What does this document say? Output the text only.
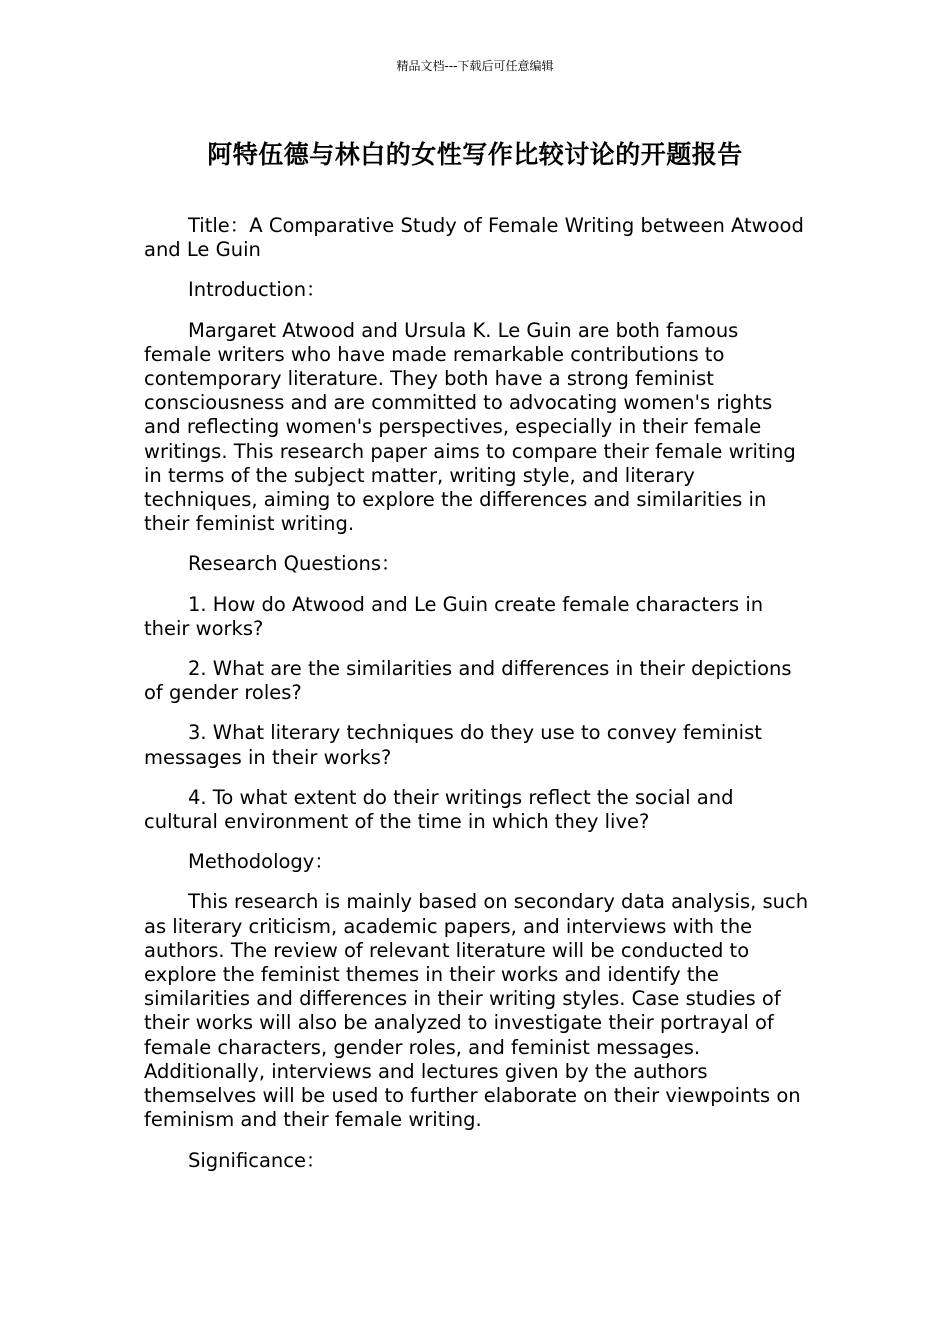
精品文档---下载后可任意编辑
阿特伍德与林白的女性写作比较讨论的开题报告

Title：A Comparative Study of Female Writing between Atwood and Le Guin

Introduction：

Margaret Atwood and Ursula K. Le Guin are both famous female writers who have made remarkable contributions to contemporary literature. They both have a strong feminist consciousness and are committed to advocating women's rights and reflecting women's perspectives, especially in their female writings. This research paper aims to compare their female writing in terms of the subject matter, writing style, and literary techniques, aiming to explore the differences and similarities in their feminist writing.

Research Questions：

1. How do Atwood and Le Guin create female characters in their works?

2. What are the similarities and differences in their depictions of gender roles?

3. What literary techniques do they use to convey feminist messages in their works?

4. To what extent do their writings reflect the social and cultural environment of the time in which they live?

Methodology：

This research is mainly based on secondary data analysis, such as literary criticism, academic papers, and interviews with the authors. The review of relevant literature will be conducted to explore the feminist themes in their works and identify the similarities and differences in their writing styles. Case studies of their works will also be analyzed to investigate their portrayal of female characters, gender roles, and feminist messages. Additionally, interviews and lectures given by the authors themselves will be used to further elaborate on their viewpoints on feminism and their female writing.

Significance：
